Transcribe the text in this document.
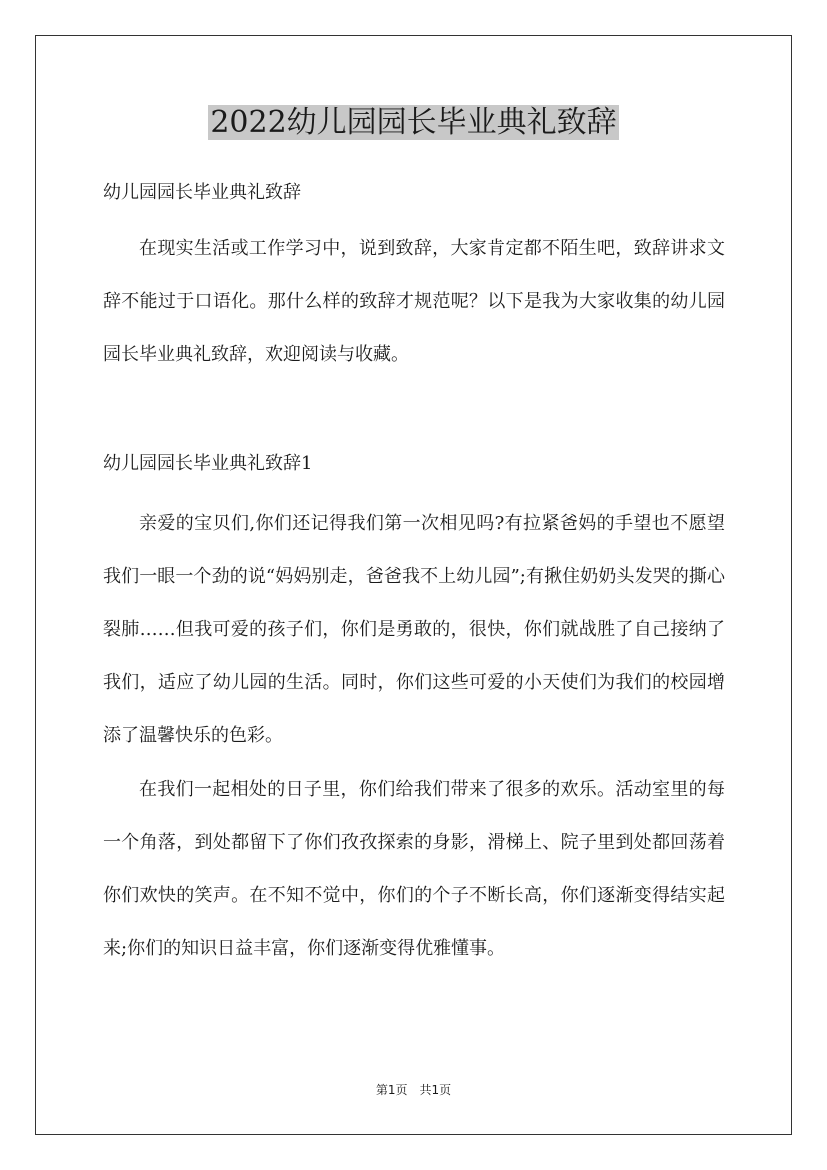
2022幼儿园园长毕业典礼致辞
幼儿园园长毕业典礼致辞
在现实生活或工作学习中，说到致辞，大家肯定都不陌生吧，致辞讲求文辞不能过于口语化。那什么样的致辞才规范呢？以下是我为大家收集的幼儿园园长毕业典礼致辞，欢迎阅读与收藏。
幼儿园园长毕业典礼致辞1
亲爱的宝贝们,你们还记得我们第一次相见吗?有拉紧爸妈的手望也不愿望我们一眼一个劲的说“妈妈别走，爸爸我不上幼儿园”;有揪住奶奶头发哭的撕心裂肺……但我可爱的孩子们，你们是勇敢的，很快，你们就战胜了自己接纳了我们，适应了幼儿园的生活。同时，你们这些可爱的小天使们为我们的校园增添了温馨快乐的色彩。
在我们一起相处的日子里，你们给我们带来了很多的欢乐。活动室里的每一个角落，到处都留下了你们孜孜探索的身影，滑梯上、院子里到处都回荡着你们欢快的笑声。在不知不觉中，你们的个子不断长高，你们逐渐变得结实起来;你们的知识日益丰富，你们逐渐变得优雅懂事。
第1页　共1页
